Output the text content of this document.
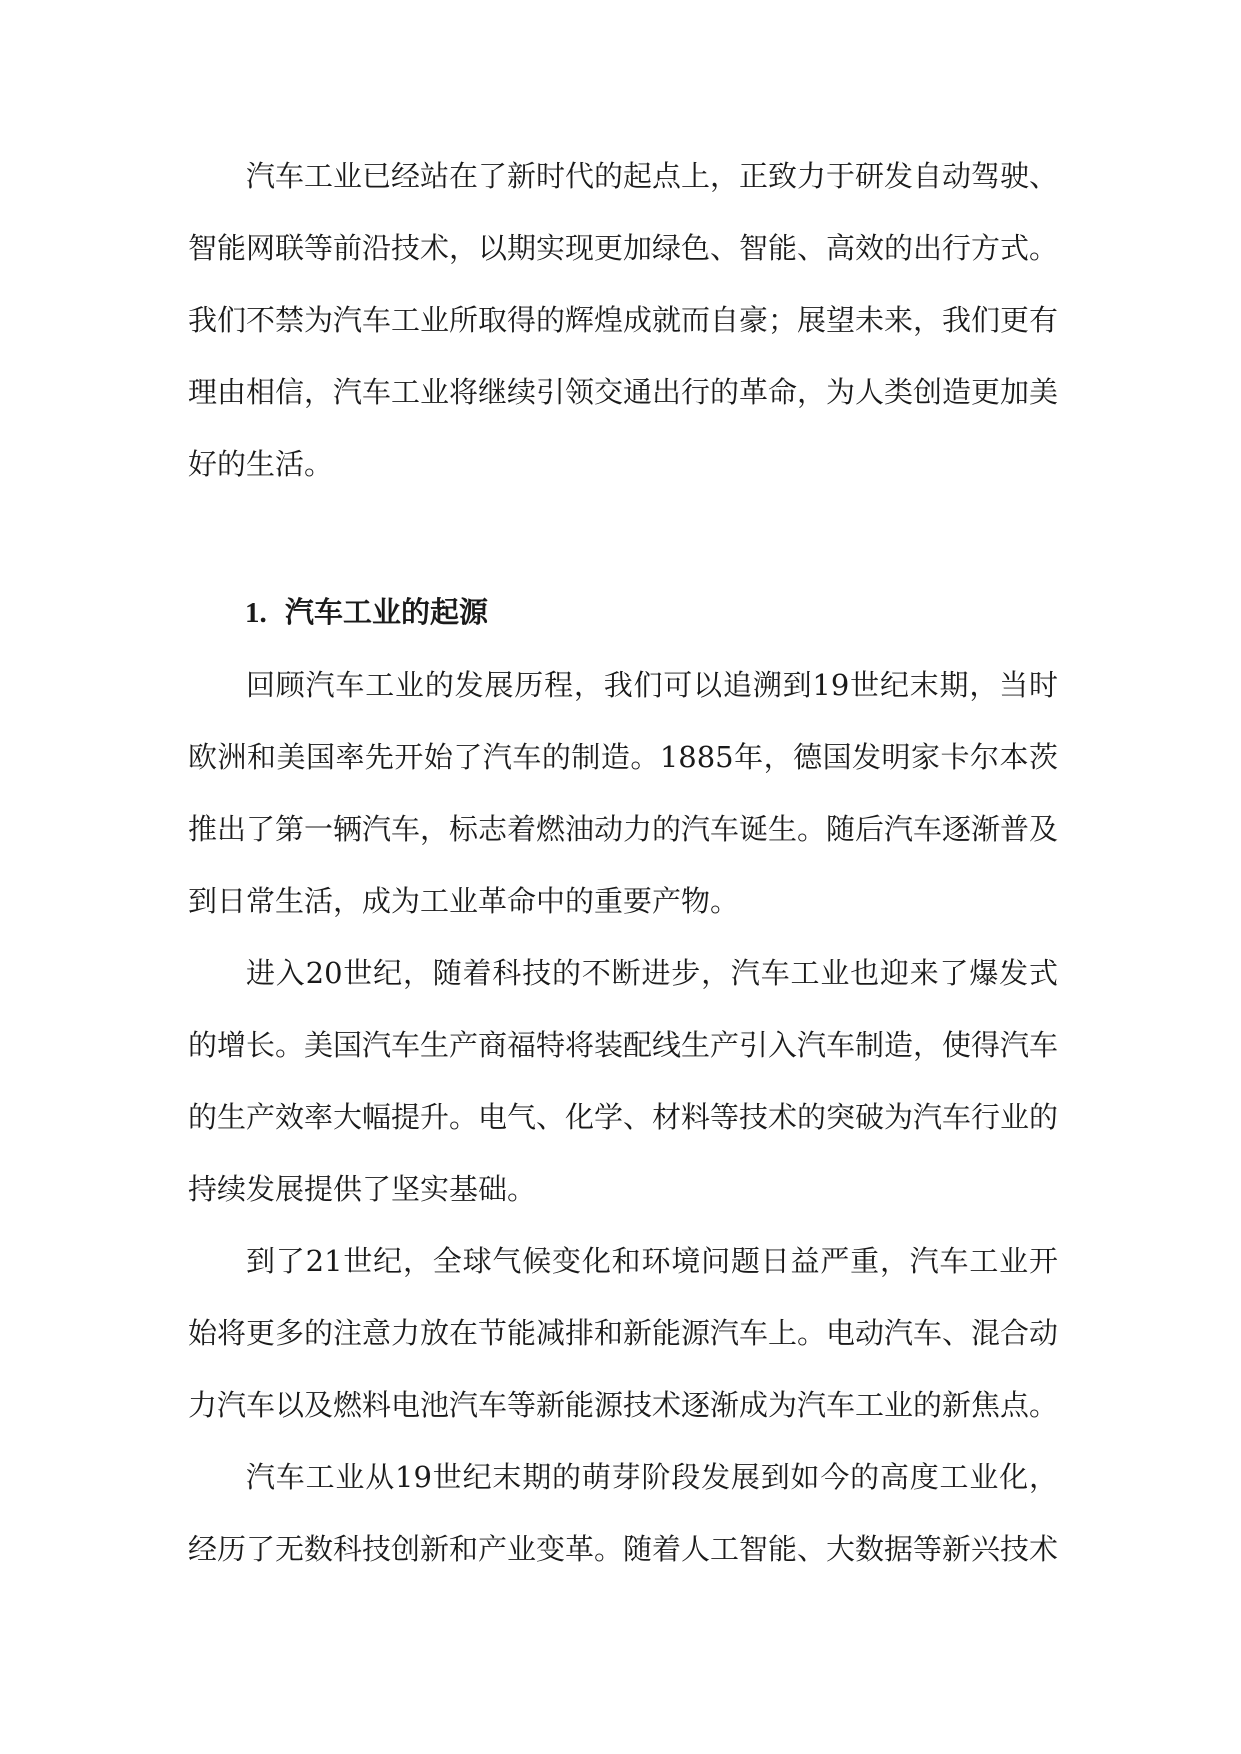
汽车工业已经站在了新时代的起点上，正致力于研发自动驾驶、智能网联等前沿技术，以期实现更加绿色、智能、高效的出行方式。我们不禁为汽车工业所取得的辉煌成就而自豪；展望未来，我们更有理由相信，汽车工业将继续引领交通出行的革命，为人类创造更加美好的生活。

1. 汽车工业的起源

回顾汽车工业的发展历程，我们可以追溯到19世纪末期，当时欧洲和美国率先开始了汽车的制造。1885年，德国发明家卡尔本茨推出了第一辆汽车，标志着燃油动力的汽车诞生。随后汽车逐渐普及到日常生活，成为工业革命中的重要产物。

进入20世纪，随着科技的不断进步，汽车工业也迎来了爆发式的增长。美国汽车生产商福特将装配线生产引入汽车制造，使得汽车的生产效率大幅提升。电气、化学、材料等技术的突破为汽车行业的持续发展提供了坚实基础。

到了21世纪，全球气候变化和环境问题日益严重，汽车工业开始将更多的注意力放在节能减排和新能源汽车上。电动汽车、混合动力汽车以及燃料电池汽车等新能源技术逐渐成为汽车工业的新焦点。

汽车工业从19世纪末期的萌芽阶段发展到如今的高度工业化，经历了无数科技创新和产业变革。随着人工智能、大数据等新兴技术
